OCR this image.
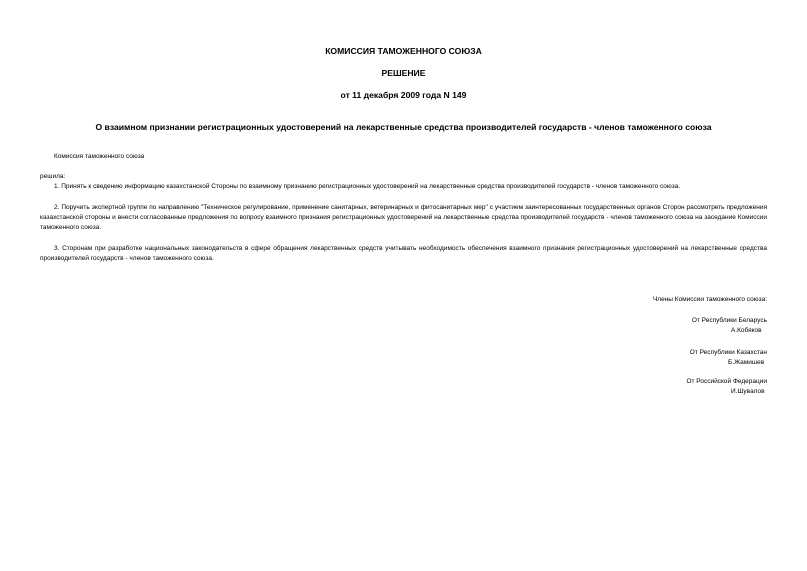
КОМИССИЯ ТАМОЖЕННОГО СОЮЗА
РЕШЕНИЕ
от 11 декабря 2009 года N 149
О взаимном признании регистрационных удостоверений на лекарственные средства производителей государств - членов таможенного союза
Комиссия таможенного союза
решила:
1. Принять к сведению информацию казахстанской Стороны по взаимному признанию регистрационных удостоверений на лекарственные средства производителей государств - членов таможенного союза.
2. Поручить экспертной группе по направлению "Техническое регулирование, применение санитарных, ветеринарных и фитосанитарных мер" с участием заинтересованных государственных органов Сторон рассмотреть предложения казахстанской стороны и внести согласованные предложения по вопросу взаимного признания регистрационных удостоверений на лекарственные средства производителей государств - членов таможенного союза на заседание Комиссии таможенного союза.
3. Сторонам при разработке национальных законодательств в сфере обращения лекарственных средств учитывать необходимость обеспечения взаимного признания регистрационных удостоверений на лекарственные средства производителей государств - членов таможенного союза.
Члены Комиссии таможенного союза:
От Республики Беларусь
А.Кобяков
От Республики Казахстан
Б.Жамишев
От Российской Федерации
И.Шувалов
